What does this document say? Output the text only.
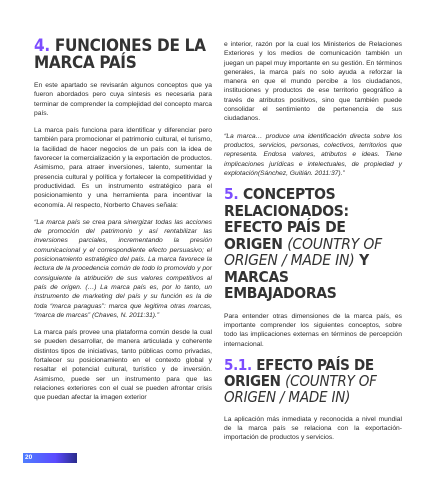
4. FUNCIONES DE LA MARCA PAÍS

En este apartado se revisarán algunos conceptos que ya fueron abordados pero cuya síntesis es necesaria para terminar de comprender la complejidad del concepto marca país.

La marca país funciona para identificar y diferenciar pero también para promocionar el patrimonio cultural, el turismo, la facilidad de hacer negocios de un país con la idea de favorecer la comercialización y la exportación de productos. Asimismo, para atraer inversiones, talento, sumentar la presencia cultural y política y fortalecer la competitividad y productividad. Es un instrumento estratégico para el posicionamiento y una herramienta para incentivar la economía. Al respecto, Norberto Chaves señala:

“La marca país se crea para sinergizar todas las acciones de promoción del patrimonio y así rentabilizar las inversiones parciales, incrementando la presión comunicacional y el correspondiente efecto persuasivo; el posicionamiento estratégico del país. La marca favorece la lectura de la procedencia común de todo lo promovido y por consiguiente la atribución de sus valores competitivos al país de origen. (…) La marca país es, por lo tanto, un instrumento de marketing del país y su función es la de toda “marca paraguas”: marca que legitima otras marcas, “marca de marcas” (Chaves, N. 2011:31).”

La marca país provee una plataforma común desde la cual se pueden desarrollar, de manera articulada y coherente distintos tipos de iniciativas, tanto públicas como privadas, fortalecer su posicionamiento en el contexto global y resaltar el potencial cultural, turístico y de inversión. Asimismo, puede ser un instrumento para que las relaciones exteriores con el cual se pueden afrontar crisis que puedan afectar la imagen exterior

e interior, razón por la cual los Ministerios de Relaciones Exteriores y los medios de comunicación también un juegan un papel muy importante en su gestión. En términos generales, la marca país no solo ayuda a reforzar la manera en que el mundo percibe a los ciudadanos, instituciones y productos de ese territorio geográfico a través de atributos positivos, sino que también puede consolidar el sentimiento de pertenencia de sus ciudadanos.

“La marca… produce una identificación directa sobre los productos, servicios, personas, colectivos, territorios que representa. Endosa valores, atributos e ideas. Tiene implicaciones jurídicas e intelectuales, de propiedad y explotación(Sánchez, Guitián. 2011:37).”

5. CONCEPTOS RELACIONADOS: EFECTO PAÍS DE ORIGEN (COUNTRY OF ORIGEN / MADE IN) Y MARCAS EMBAJADORAS

Para entender otras dimensiones de la marca país, es importante comprender los siguientes conceptos, sobre todo las implicaciones externas en términos de percepción internacional.

5.1. EFECTO PAÍS DE ORIGEN (COUNTRY OF ORIGEN / MADE IN)

La aplicación más inmediata y reconocida a nivel mundial de la marca país se relaciona con la exportación- importación de productos y servicios.

20
